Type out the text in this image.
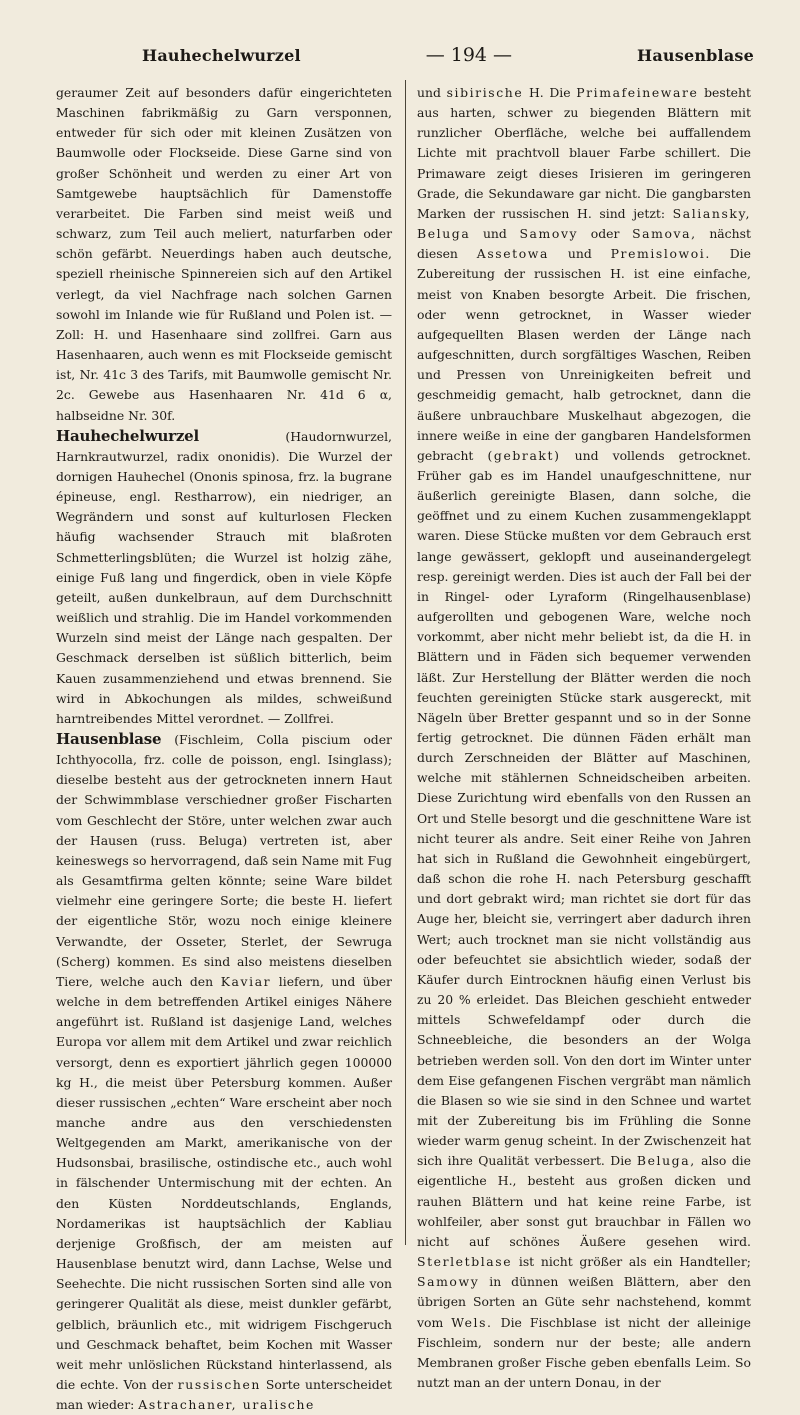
Hauhechelwurzel	— 194 —	Hausenblase

geraumer Zeit auf besonders dafür eingerichteten Maschinen fabrikmäßig zu Garn versponnen, entweder für sich oder mit kleinen Zusätzen von Baumwolle oder Flockseide. Diese Garne sind von großer Schönheit und werden zu einer Art von Samtgewebe hauptsächlich für Damenstoffe verarbeitet. Die Farben sind meist weiß und schwarz, zum Teil auch meliert, naturfarben oder schön gefärbt. Neuerdings haben auch deutsche, speziell rheinische Spinnereien sich auf den Artikel verlegt, da viel Nachfrage nach solchen Garnen sowohl im Inlande wie für Rußland und Polen ist. — Zoll: H. und Hasenhaare sind zollfrei. Garn aus Hasenhaaren, auch wenn es mit Flockseide gemischt ist, Nr. 41c 3 des Tarifs, mit Baumwolle gemischt Nr. 2c. Gewebe aus Hasenhaaren Nr. 41d 6 α, halbseidne Nr. 30f.

Hauhechelwurzel	(Haudornwurzel, Harnkrautwurzel, radix ononidis). Die Wurzel der dornigen Hauhechel (Ononis spinosa, frz. la bugrane épineuse, engl. Restharrow), ein niedriger, an Wegrändern und sonst auf kulturlosen Flecken häufig wachsender Strauch mit blaßroten Schmetterlingsblüten; die Wurzel ist holzig zähe, einige Fuß lang und fingerdick, oben in viele Köpfe geteilt, außen dunkelbraun, auf dem Durchschnitt weißlich und strahlig. Die im Handel vorkommenden Wurzeln sind meist der Länge nach gespalten. Der Geschmack derselben ist süßlich bitterlich, beim Kauen zusammenziehend und etwas brennend. Sie wird in Abkochungen als mildes, schweißund harntreibendes Mittel verordnet. — Zollfrei.

Hausenblase (Fischleim, Colla piscium oder Ichthyocolla, frz. colle de poisson, engl. Isinglass); dieselbe besteht aus der getrockneten innern Haut der Schwimmblase verschiedner großer Fischarten vom Geschlecht der Störe, unter welchen zwar auch der Hausen (russ. Beluga) vertreten ist, aber keineswegs so hervorragend, daß sein Name mit Fug als Gesamtfirma gelten könnte; seine Ware bildet vielmehr eine geringere Sorte; die beste H. liefert der eigentliche Stör, wozu noch einige kleinere Verwandte, der Osseter, Sterlet, der Sewruga (Scherg) kommen. Es sind also meistens dieselben Tiere, welche auch den Kaviar liefern, und über welche in dem betreffenden Artikel einiges Nähere angeführt ist. Rußland ist dasjenige Land, welches Europa vor allem mit dem Artikel und zwar reichlich versorgt, denn es exportiert jährlich gegen 100000 kg H., die meist über Petersburg kommen. Außer dieser russischen „echten“ Ware erscheint aber noch manche andre aus den verschiedensten Weltgegenden am Markt, amerikanische von der Hudsonsbai, brasilische, ostindische etc., auch wohl in fälschender Untermischung mit der echten. An den Küsten Norddeutschlands, Englands, Nordamerikas ist hauptsächlich der Kabliau derjenige Großfisch, der am meisten auf Hausenblase benutzt wird, dann Lachse, Welse und Seehechte. Die nicht russischen Sorten sind alle von geringerer Qualität als diese, meist dunkler gefärbt, gelblich, bräunlich etc., mit widrigem Fischgeruch und Geschmack behaftet, beim Kochen mit Wasser weit mehr unlöslichen Rückstand hinterlassend, als die echte. Von der russischen Sorte unterscheidet man wieder: Astrachaner, uralische

und sibirische H. Die Primafeineware besteht aus harten, schwer zu biegenden Blättern mit runzlicher Oberfläche, welche bei auffallendem Lichte mit prachtvoll blauer Farbe schillert. Die Primaware zeigt dieses Irisieren im geringeren Grade, die Sekundaware gar nicht. Die gangbarsten Marken der russischen H. sind jetzt: Saliansky, Beluga und Samovy oder Samova, nächst diesen Assetowa und Premislowoi. Die Zubereitung der russischen H. ist eine einfache, meist von Knaben besorgte Arbeit. Die frischen, oder wenn getrocknet, in Wasser wieder aufgequellten Blasen werden der Länge nach aufgeschnitten, durch sorgfältiges Waschen, Reiben und Pressen von Unreinigkeiten befreit und geschmeidig gemacht, halb getrocknet, dann die äußere unbrauchbare Muskelhaut abgezogen, die innere weiße in eine der gangbaren Handelsformen gebracht (gebrakt) und vollends getrocknet. Früher gab es im Handel unaufgeschnittene, nur äußerlich gereinigte Blasen, dann solche, die geöffnet und zu einem Kuchen zusammengeklappt waren. Diese Stücke mußten vor dem Gebrauch erst lange gewässert, geklopft und auseinandergelegt resp. gereinigt werden. Dies ist auch der Fall bei der in Ringel- oder Lyraform (Ringelhausenblase) aufgerollten und gebogenen Ware, welche noch vorkommt, aber nicht mehr beliebt ist, da die H. in Blättern und in Fäden sich bequemer verwenden läßt. Zur Herstellung der Blätter werden die noch feuchten gereinigten Stücke stark ausgereckt, mit Nägeln über Bretter gespannt und so in der Sonne fertig getrocknet. Die dünnen Fäden erhält man durch Zerschneiden der Blätter auf Maschinen, welche mit stählernen Schneidscheiben arbeiten. Diese Zurichtung wird ebenfalls von den Russen an Ort und Stelle besorgt und die geschnittene Ware ist nicht teurer als andre. Seit einer Reihe von Jahren hat sich in Rußland die Gewohnheit eingebürgert, daß schon die rohe H. nach Petersburg geschafft und dort gebrakt wird; man richtet sie dort für das Auge her, bleicht sie, verringert aber dadurch ihren Wert; auch trocknet man sie nicht vollständig aus oder befeuchtet sie absichtlich wieder, sodaß der Käufer durch Eintrocknen häufig einen Verlust bis zu 20 % erleidet. Das Bleichen geschieht entweder mittels Schwefeldampf oder durch die Schneebleiche, die besonders an der Wolga betrieben werden soll. Von den dort im Winter unter dem Eise gefangenen Fischen vergräbt man nämlich die Blasen so wie sie sind in den Schnee und wartet mit der Zubereitung bis im Frühling die Sonne wieder warm genug scheint. In der Zwischenzeit hat sich ihre Qualität verbessert. Die Beluga, also die eigentliche H., besteht aus großen dicken und rauhen Blättern und hat keine reine Farbe, ist wohlfeiler, aber sonst gut brauchbar in Fällen wo nicht auf schönes Äußere gesehen wird. Sterletblase ist nicht größer als ein Handteller; Samowy in dünnen weißen Blättern, aber den übrigen Sorten an Güte sehr nachstehend, kommt vom Wels. Die Fischblase ist nicht der alleinige Fischleim, sondern nur der beste; alle andern Membranen großer Fische geben ebenfalls Leim. So nutzt man an der untern Donau, in der
